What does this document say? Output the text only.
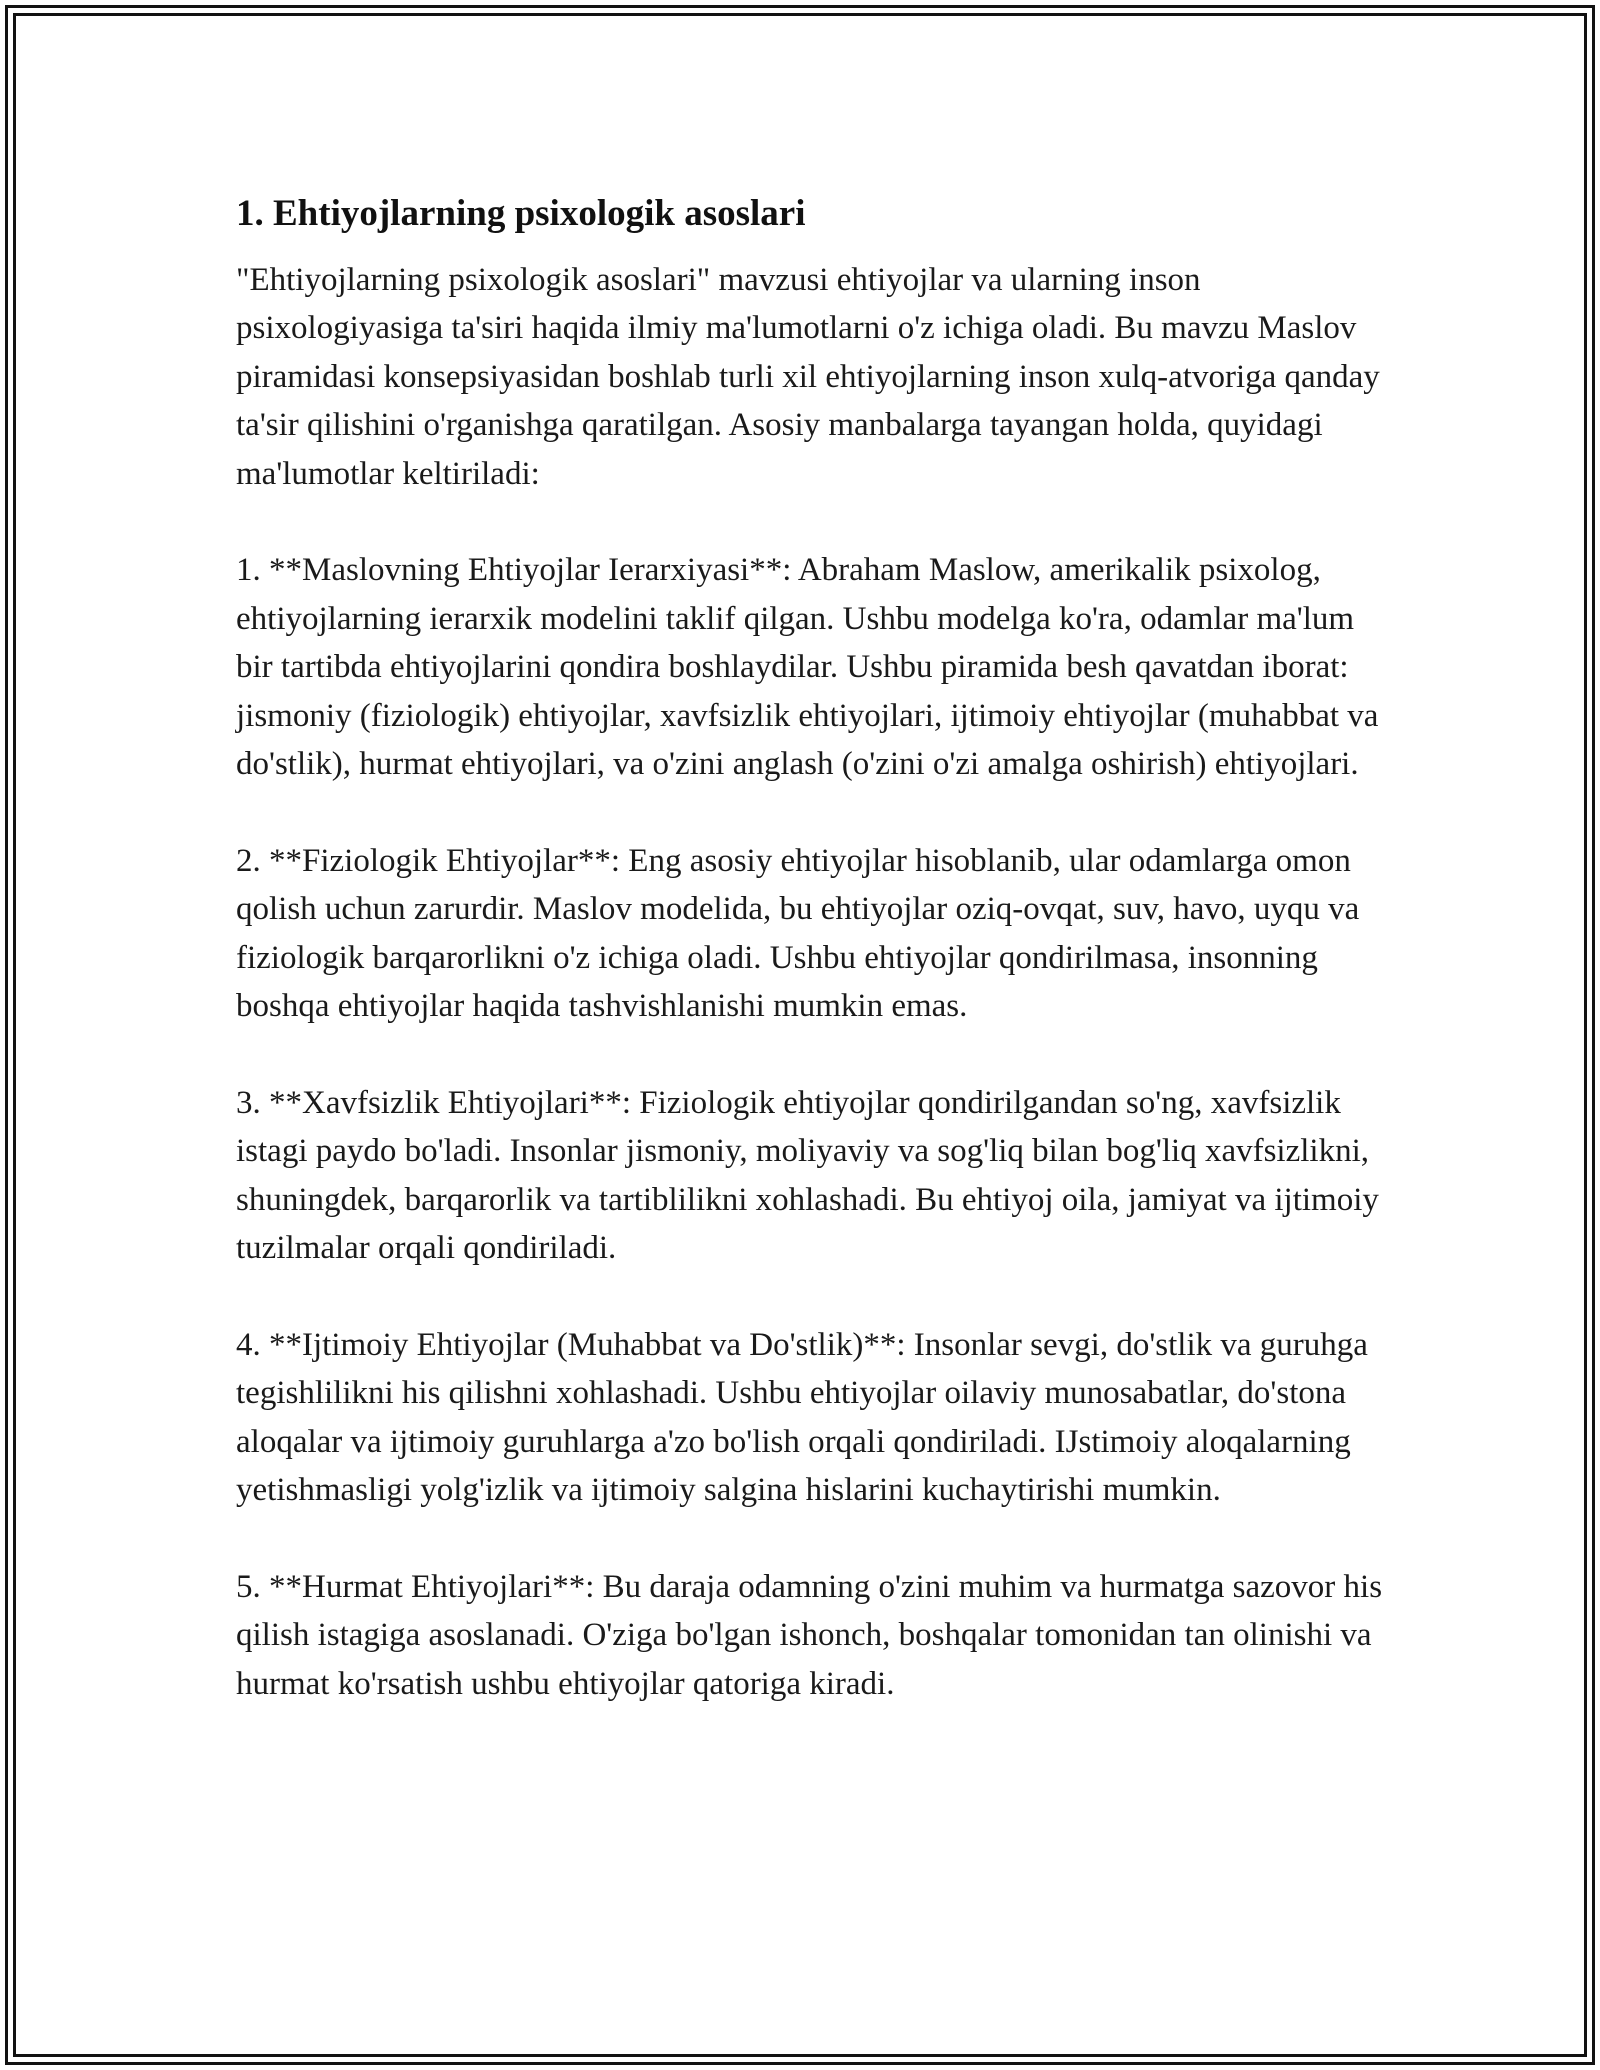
1. Ehtiyojlarning psixologik asoslari

"Ehtiyojlarning psixologik asoslari" mavzusi ehtiyojlar va ularning inson psixologiyasiga ta'siri haqida ilmiy ma'lumotlarni o'z ichiga oladi. Bu mavzu Maslov piramidasi konsepsiyasidan boshlab turli xil ehtiyojlarning inson xulq-atvoriga qanday ta'sir qilishini o'rganishga qaratilgan. Asosiy manbalarga tayangan holda, quyidagi ma'lumotlar keltiriladi:

1. **Maslovning Ehtiyojlar Ierarxiyasi**: Abraham Maslow, amerikalik psixolog, ehtiyojlarning ierarxik modelini taklif qilgan. Ushbu modelga ko'ra, odamlar ma'lum bir tartibda ehtiyojlarini qondira boshlaydilar. Ushbu piramida besh qavatdan iborat: jismoniy (fiziologik) ehtiyojlar, xavfsizlik ehtiyojlari, ijtimoiy ehtiyojlar (muhabbat va do'stlik), hurmat ehtiyojlari, va o'zini anglash (o'zini o'zi amalga oshirish) ehtiyojlari.

2. **Fiziologik Ehtiyojlar**: Eng asosiy ehtiyojlar hisoblanib, ular odamlarga omon qolish uchun zarurdir. Maslov modelida, bu ehtiyojlar oziq-ovqat, suv, havo, uyqu va fiziologik barqarorlikni o'z ichiga oladi. Ushbu ehtiyojlar qondirilmasa, insonning boshqa ehtiyojlar haqida tashvishlanishi mumkin emas.

3. **Xavfsizlik Ehtiyojlari**: Fiziologik ehtiyojlar qondirilgandan so'ng, xavfsizlik istagi paydo bo'ladi. Insonlar jismoniy, moliyaviy va sog'liq bilan bog'liq xavfsizlikni, shuningdek, barqarorlik va tartiblilikni xohlashadi. Bu ehtiyoj oila, jamiyat va ijtimoiy tuzilmalar orqali qondiriladi.

4. **Ijtimoiy Ehtiyojlar (Muhabbat va Do'stlik)**: Insonlar sevgi, do'stlik va guruhga tegishlilikni his qilishni xohlashadi. Ushbu ehtiyojlar oilaviy munosabatlar, do'stona aloqalar va ijtimoiy guruhlarga a'zo bo'lish orqali qondiriladi. IJstimoiy aloqalarning yetishmasligi yolg'izlik va ijtimoiy salgina hislarini kuchaytirishi mumkin.

5. **Hurmat Ehtiyojlari**: Bu daraja odamning o'zini muhim va hurmatga sazovor his qilish istagiga asoslanadi. O'ziga bo'lgan ishonch, boshqalar tomonidan tan olinishi va hurmat ko'rsatish ushbu ehtiyojlar qatoriga kiradi.
